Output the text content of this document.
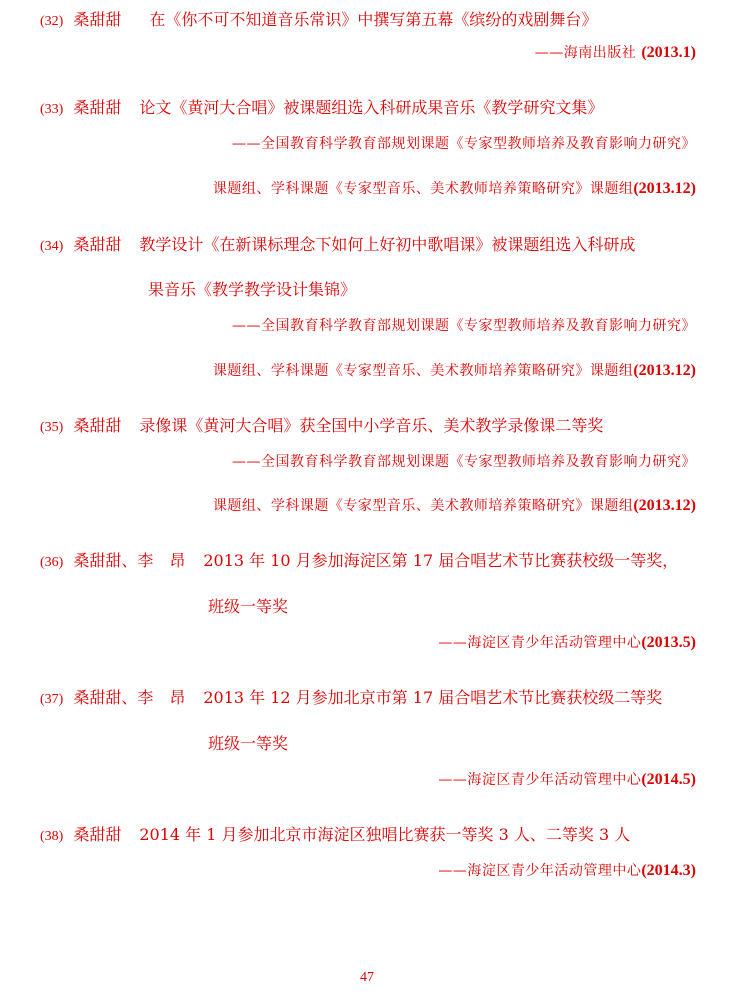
(32) 桑甜甜 在《你不可不知道音乐常识》中撰写第五幕《缤纷的戏剧舞台》
——海南出版社 (2013.1)
(33) 桑甜甜 论文《黄河大合唱》被课题组选入科研成果音乐《教学研究文集》
——全国教育科学教育部规划课题《专家型教师培养及教育影响力研究》
课题组、学科课题《专家型音乐、美术教师培养策略研究》课题组(2013.12)
(34) 桑甜甜 教学设计《在新课标理念下如何上好初中歌唱课》被课题组选入科研成
果音乐《教学教学设计集锦》
——全国教育科学教育部规划课题《专家型教师培养及教育影响力研究》
课题组、学科课题《专家型音乐、美术教师培养策略研究》课题组(2013.12)
(35) 桑甜甜 录像课《黄河大合唱》获全国中小学音乐、美术教学录像课二等奖
——全国教育科学教育部规划课题《专家型教师培养及教育影响力研究》
课题组、学科课题《专家型音乐、美术教师培养策略研究》课题组(2013.12)
(36) 桑甜甜、李　昂 2013 年 10 月参加海淀区第 17 届合唱艺术节比赛获校级一等奖，
班级一等奖
——海淀区青少年活动管理中心(2013.5)
(37) 桑甜甜、李　昂 2013 年 12 月参加北京市第 17 届合唱艺术节比赛获校级二等奖
班级一等奖
——海淀区青少年活动管理中心(2014.5)
(38) 桑甜甜 2014 年 1 月参加北京市海淀区独唱比赛获一等奖 3 人、二等奖 3 人
——海淀区青少年活动管理中心(2014.3)
47
